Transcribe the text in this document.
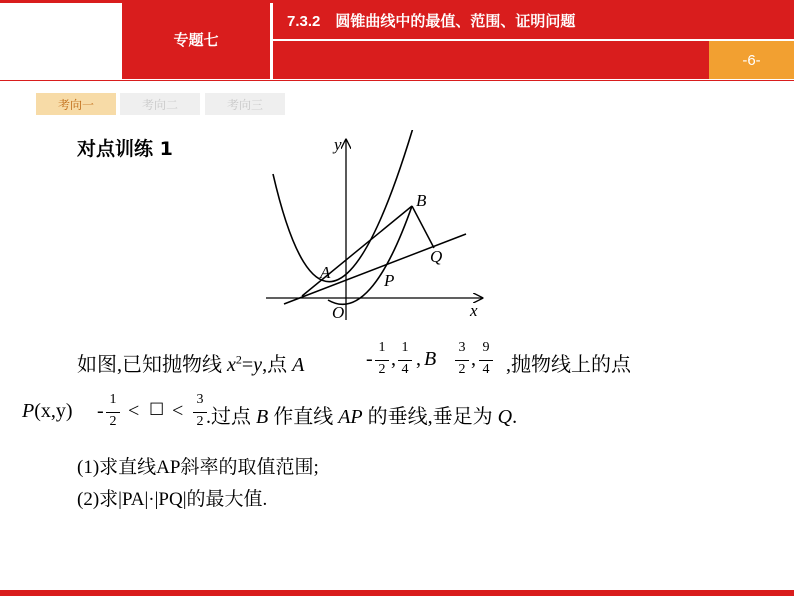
专题七
7.3.2　圆锥曲线中的最值、范围、证明问题
-6-
考向一	考向二	考向三
对点训练 1	y
x
O
A
B
P
Q
如图,已知抛物线 $x^2=y$,点 A	-
1
2 ,
1
4 , B
3
2 ,
9
4 ,抛物线上的点
P(x,y) -
1
2 < ☐ <
3
2 .过点 B 作直线 AP 的垂线,垂足为 Q.
(1)求直线AP斜率的取值范围;
(2)求|PA|·|PQ|的最大值.
